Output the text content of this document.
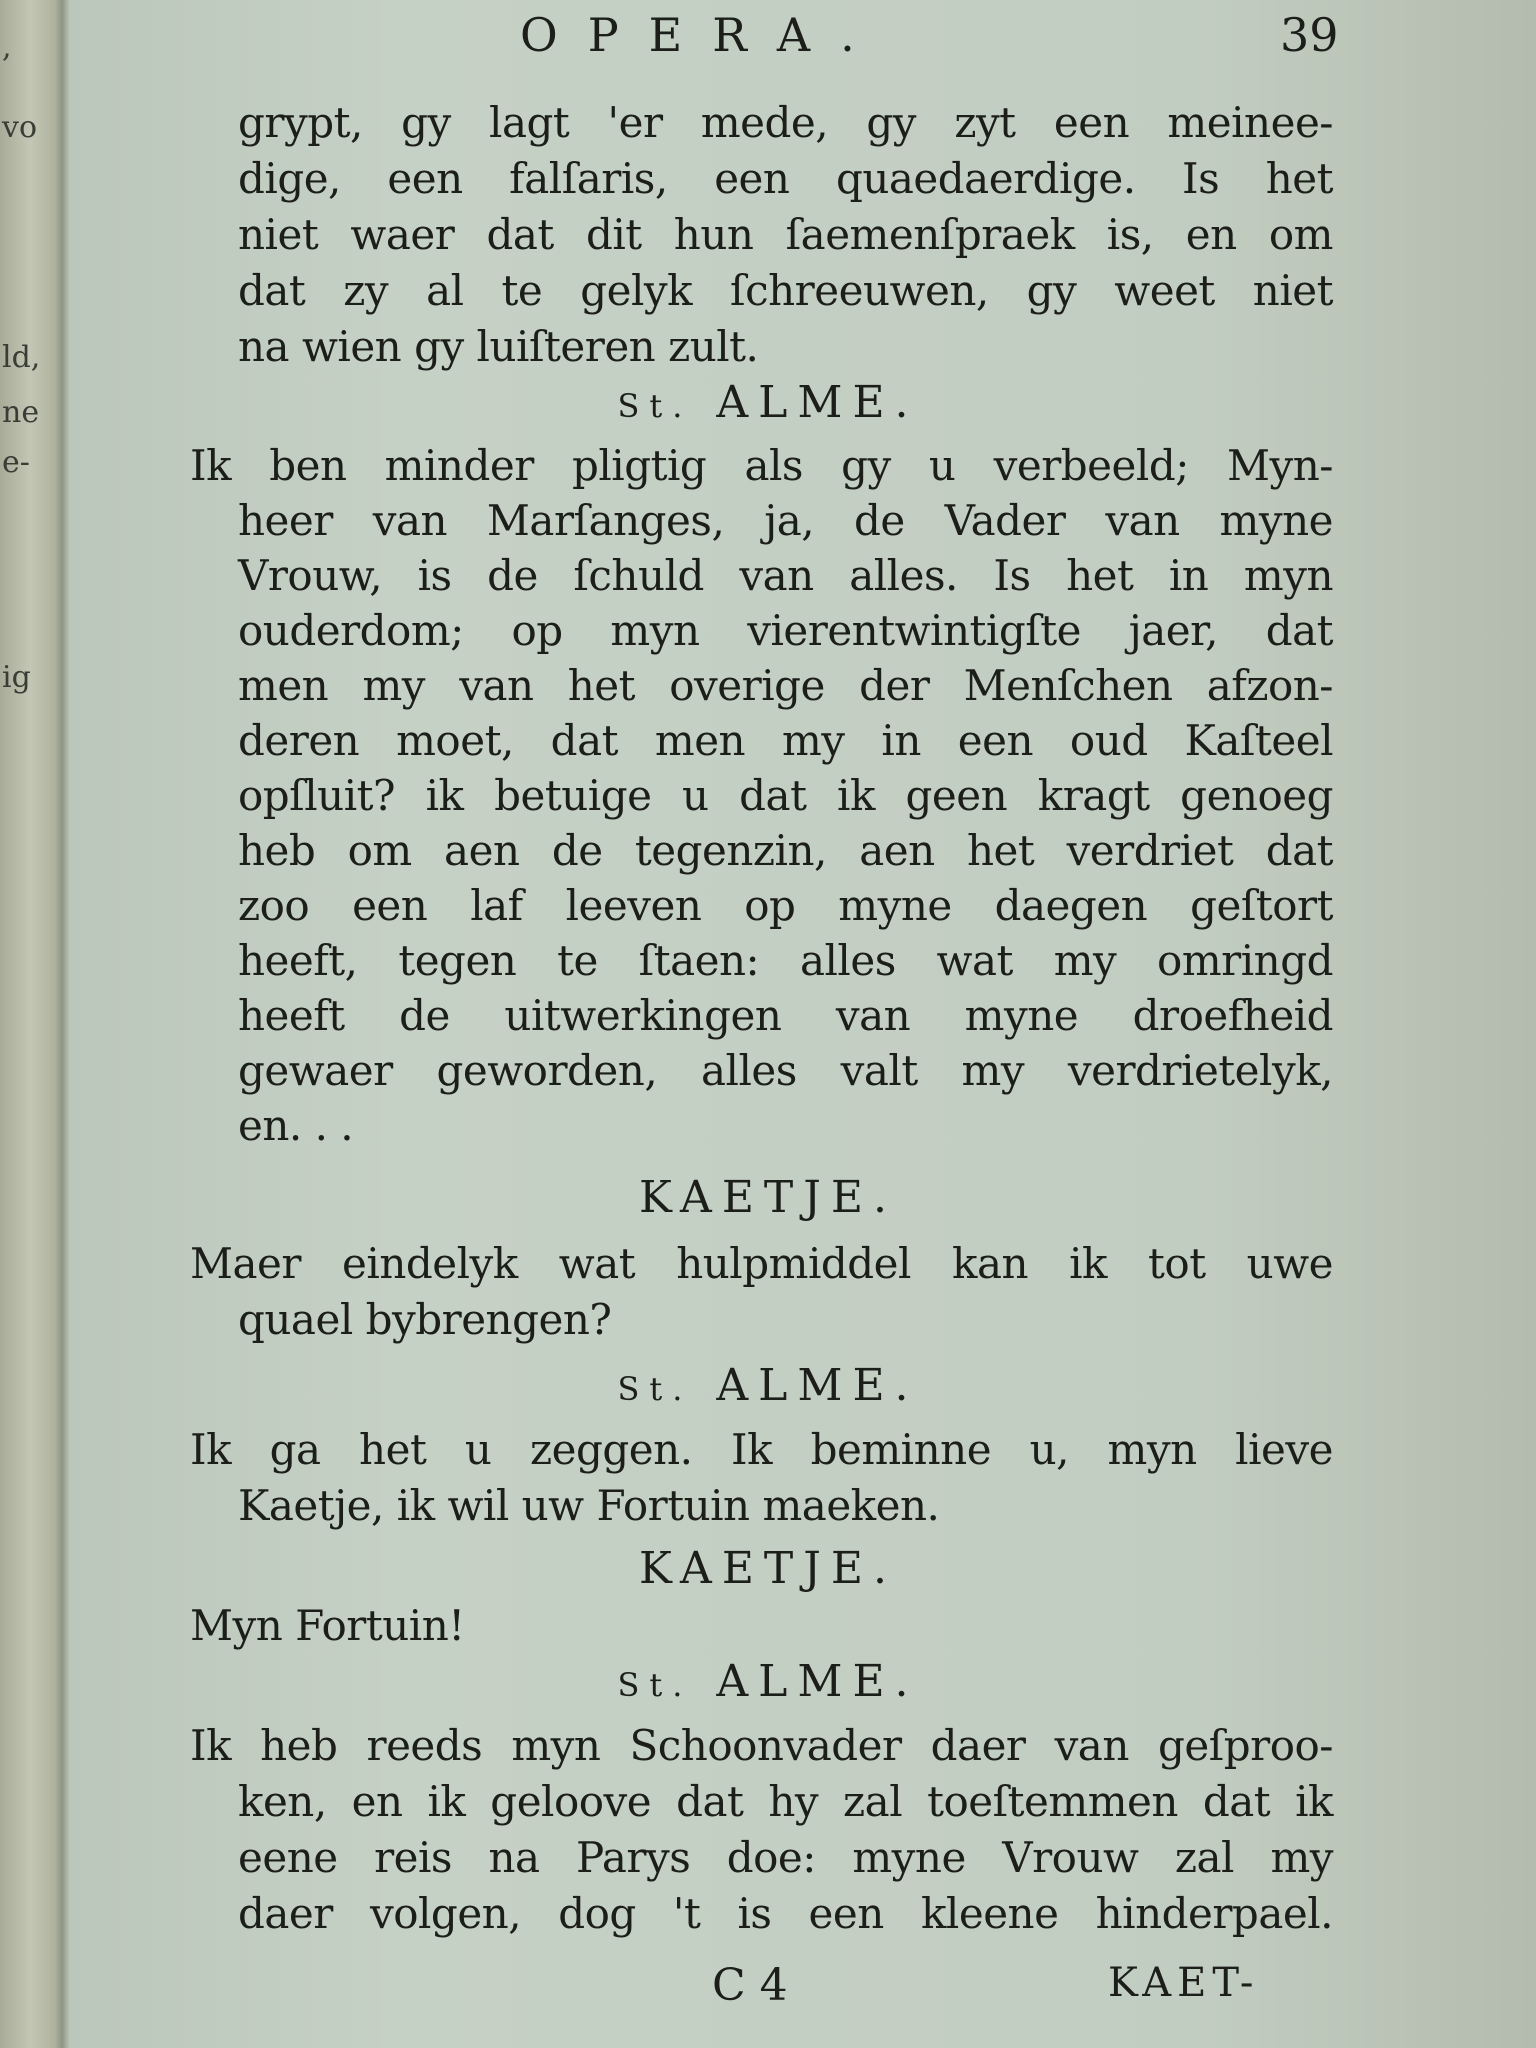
OPERA.	39
,
vo
ld,
ne
e-
ig
grypt, gy lagt 'er mede, gy zyt een meinee-
dige, een falſaris, een quaedaerdige. Is het
niet waer dat dit hun ſaemenſpraek is, en om
dat zy al te gelyk ſchreeuwen, gy weet niet
na wien gy luiſteren zult.
St. ALME.
Ik ben minder pligtig als gy u verbeeld; Myn-
heer van Marſanges, ja, de Vader van myne
Vrouw, is de ſchuld van alles. Is het in myn
ouderdom; op myn vierentwintigſte jaer, dat
men my van het overige der Menſchen afzon-
deren moet, dat men my in een oud Kaſteel
opſluit? ik betuige u dat ik geen kragt genoeg
heb om aen de tegenzin, aen het verdriet dat
zoo een laf leeven op myne daegen geſtort
heeft, tegen te ſtaen: alles wat my omringd
heeft de uitwerkingen van myne droefheid
gewaer geworden, alles valt my verdrietelyk,
en. . .
KAETJE.
Maer eindelyk wat hulpmiddel kan ik tot uwe
quael bybrengen?
St. ALME.
Ik ga het u zeggen. Ik beminne u, myn lieve
Kaetje, ik wil uw Fortuin maeken.
KAETJE.
Myn Fortuin!
St. ALME.
Ik heb reeds myn Schoonvader daer van geſproo-
ken, en ik geloove dat hy zal toeſtemmen dat ik
eene reis na Parys doe: myne Vrouw zal my
daer volgen, dog 't is een kleene hinderpael.
C 4	KAET-
